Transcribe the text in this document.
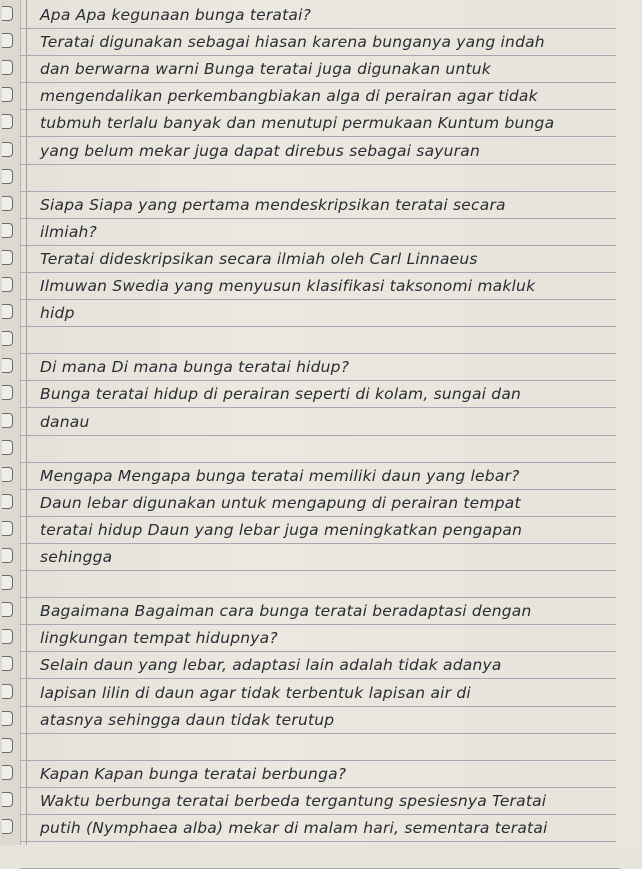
Apa Apa kegunaan bunga teratai?
Teratai digunakan sebagai hiasan karena bunganya yang indah
dan berwarna warni Bunga teratai juga digunakan untuk
mengendalikan perkembangbiakan alga di perairan agar tidak
tubmuh terlalu banyak dan menutupi permukaan Kuntum bunga
yang belum mekar juga dapat direbus sebagai sayuran
Siapa Siapa yang pertama mendeskripsikan teratai secara
ilmiah?
Teratai dideskripsikan secara ilmiah oleh Carl Linnaeus
Ilmuwan Swedia yang menyusun klasifikasi taksonomi makluk
hidp
Di mana Di mana bunga teratai hidup?
Bunga teratai hidup di perairan seperti di kolam, sungai dan
danau
Mengapa Mengapa bunga teratai memiliki daun yang lebar?
Daun lebar digunakan untuk mengapung di perairan tempat
teratai hidup Daun yang lebar juga meningkatkan pengapan
sehingga
Bagaimana Bagaiman cara bunga teratai beradaptasi dengan
lingkungan tempat hidupnya?
Selain daun yang lebar, adaptasi lain adalah tidak adanya
lapisan lilin di daun agar tidak terbentuk lapisan air di
atasnya sehingga daun tidak terutup
Kapan Kapan bunga teratai berbunga?
Waktu berbunga teratai berbeda tergantung spesiesnya Teratai
putih (Nymphaea alba) mekar di malam hari, sementara teratai
